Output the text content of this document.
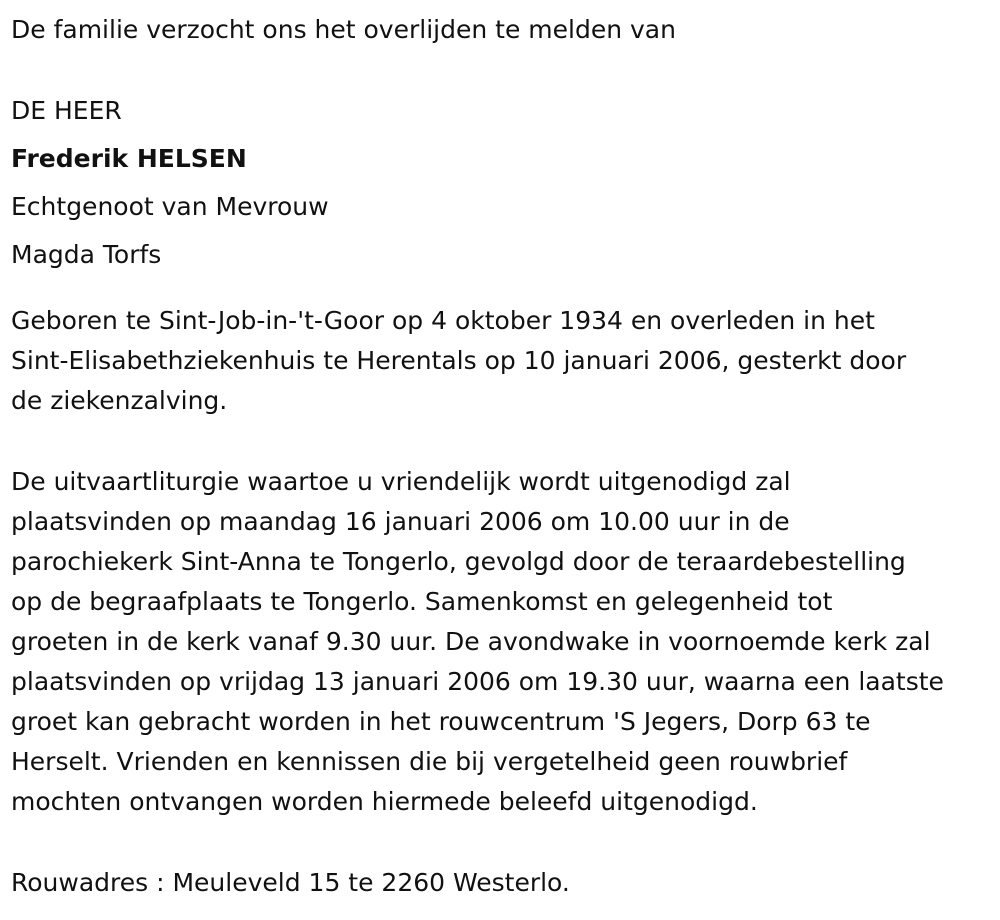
De familie verzocht ons het overlijden te melden van

DE HEER

Frederik HELSEN

Echtgenoot van Mevrouw

Magda Torfs

Geboren te Sint-Job-in-'t-Goor op 4 oktober 1934 en overleden in het

Sint-Elisabethziekenhuis te Herentals op 10 januari 2006, gesterkt door

de ziekenzalving.

De uitvaartliturgie waartoe u vriendelijk wordt uitgenodigd zal

plaatsvinden op maandag 16 januari 2006 om 10.00 uur in de

parochiekerk Sint-Anna te Tongerlo, gevolgd door de teraardebestelling

op de begraafplaats te Tongerlo. Samenkomst en gelegenheid tot

groeten in de kerk vanaf 9.30 uur. De avondwake in voornoemde kerk zal

plaatsvinden op vrijdag 13 januari 2006 om 19.30 uur, waarna een laatste

groet kan gebracht worden in het rouwcentrum 'S Jegers, Dorp 63 te

Herselt. Vrienden en kennissen die bij vergetelheid geen rouwbrief

mochten ontvangen worden hiermede beleefd uitgenodigd.

Rouwadres : Meuleveld 15 te 2260 Westerlo.
